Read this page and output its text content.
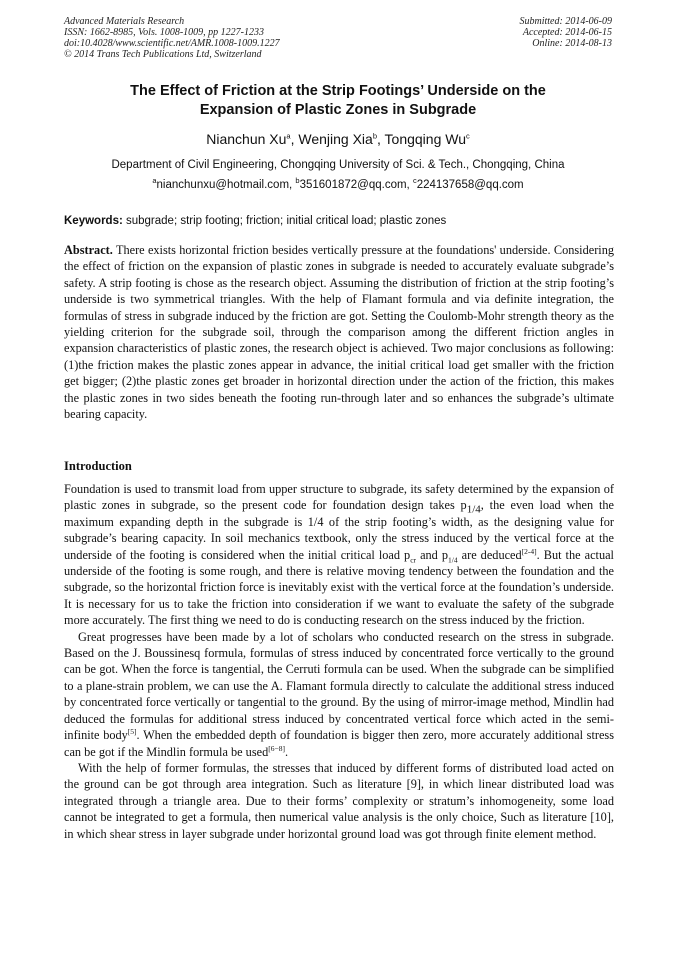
Advanced Materials Research
ISSN: 1662-8985, Vols. 1008-1009, pp 1227-1233
doi:10.4028/www.scientific.net/AMR.1008-1009.1227
© 2014 Trans Tech Publications Ltd, Switzerland
Submitted: 2014-06-09
Accepted: 2014-06-15
Online: 2014-08-13
The Effect of Friction at the Strip Footings’ Underside on the
Expansion of Plastic Zones in Subgrade
Nianchun Xu$^a$, Wenjing Xia$^b$, Tongqing Wu$^c$
Department of Civil Engineering, Chongqing University of Sci. & Tech., Chongqing, China
$^a$nianchunxu@hotmail.com, $^b$351601872@qq.com, $^c$224137658@qq.com
Keywords: subgrade; strip footing; friction; initial critical load; plastic zones
Abstract. There exists horizontal friction besides vertically pressure at the foundations' underside. Considering the effect of friction on the expansion of plastic zones in subgrade is needed to accurately evaluate subgrade’s safety. A strip footing is chose as the research object. Assuming the distribution of friction at the strip footing’s underside is two symmetrical triangles. With the help of Flamant formula and via definite integration, the formulas of stress in subgrade induced by the friction are got. Setting the Coulomb-Mohr strength theory as the yielding criterion for the subgrade soil, through the comparison among the different friction angles in expansion characteristics of plastic zones, the research object is achieved. Two major conclusions as following: (1)the friction makes the plastic zones appear in advance, the initial critical load get smaller with the friction get bigger; (2)the plastic zones get broader in horizontal direction under the action of the friction, this makes the plastic zones in two sides beneath the footing run-through later and so enhances the subgrade’s ultimate bearing capacity.
Introduction

Foundation is used to transmit load from upper structure to subgrade, its safety determined by the expansion of plastic zones in subgrade, so the present code for foundation design takes $p_{1/4}$, the even load when the maximum expanding depth in the subgrade is 1/4 of the strip footing’s width, as the designing value for subgrade’s bearing capacity. In soil mechanics textbook, only the stress induced by the vertical force at the underside of the footing is considered when the initial critical load $p_{cr}$ and $p_{1/4}$ are deduced[2-4]. But the actual underside of the footing is some rough, and there is relative moving tendency between the foundation and the subgrade, so the horizontal friction force is inevitably exist with the vertical force at the foundation’s underside. It is necessary for us to take the friction into consideration if we want to evaluate the safety of the subgrade more accurately. The first thing we need to do is conducting research on the stress induced by the friction.

Great progresses have been made by a lot of scholars who conducted research on the stress in subgrade. Based on the J. Boussinesq formula, formulas of stress induced by concentrated force vertically to the ground can be got. When the force is tangential, the Cerruti formula can be used. When the subgrade can be simplified to a plane-strain problem, we can use the A. Flamant formula directly to calculate the additional stress induced by concentrated force vertically or tangential to the ground. By the using of mirror-image method, Mindlin had deduced the formulas for additional stress induced by concentrated vertical force which acted in the semi-infinite body[5]. When the embedded depth of foundation is bigger then zero, more accurately additional stress can be got if the Mindlin formula be used[6−8].

With the help of former formulas, the stresses that induced by different forms of distributed load acted on the ground can be got through area integration. Such as literature [9], in which linear distributed load was integrated through a triangle area. Due to their forms’ complexity or stratum’s inhomogeneity, some load cannot be integrated to get a formula, then numerical value analysis is the only choice, Such as literature [10], in which shear stress in layer subgrade under horizontal ground load was got through finite element method.
